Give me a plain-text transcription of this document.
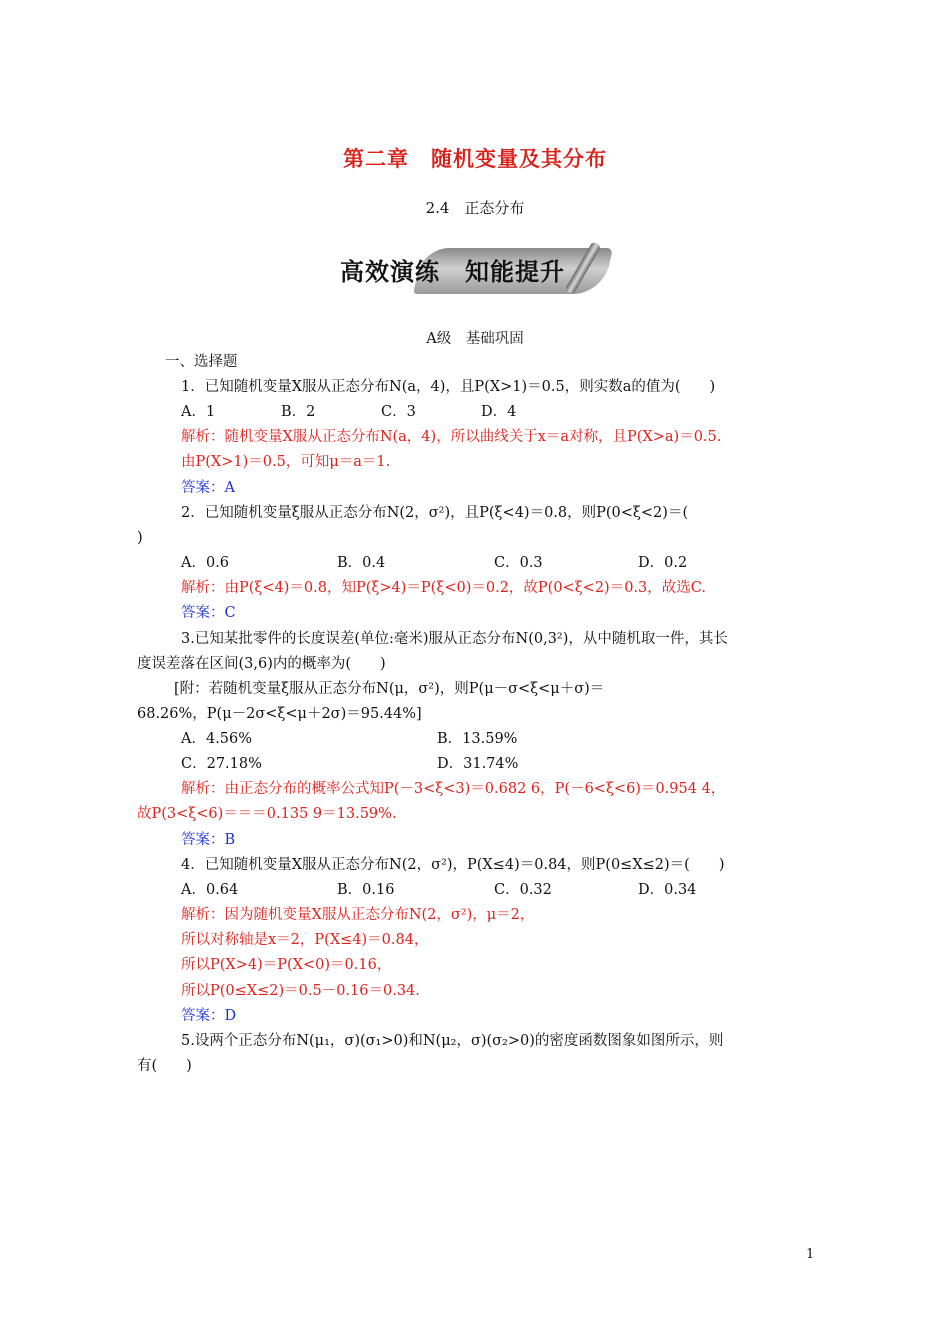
第二章　随机变量及其分布
2.4　正态分布
高效演练　知能提升
A级　基础巩固
一、选择题
1．已知随机变量X服从正态分布N(a，4)，且P(X>1)＝0.5，则实数a的值为(　　)
A．1	B．2	C．3	D．4
解析：随机变量X服从正态分布N(a，4)，所以曲线关于x＝a对称，且P(X>a)＝0.5.
由P(X>1)＝0.5，可知μ＝a＝1.
答案：A
2．已知随机变量ξ服从正态分布N(2，σ²)，且P(ξ<4)＝0.8，则P(0<ξ<2)＝(
)
A．0.6	B．0.4	C．0.3	D．0.2
解析：由P(ξ<4)＝0.8，知P(ξ>4)＝P(ξ<0)＝0.2，故P(0<ξ<2)＝0.3，故选C.
答案：C
3.已知某批零件的长度误差(单位:毫米)服从正态分布N(0,3²)，从中随机取一件，其长
度误差落在区间(3,6)内的概率为(　　)
[附：若随机变量ξ服从正态分布N(μ，σ²)，则P(μ－σ<ξ<μ＋σ)＝
68.26%，P(μ－2σ<ξ<μ＋2σ)＝95.44%]
A．4.56%	B．13.59%
C．27.18%	D．31.74%
解析：由正态分布的概率公式知P(－3<ξ<3)＝0.682 6，P(－6<ξ<6)＝0.954 4，
故P(3<ξ<6)＝＝＝0.135 9＝13.59%.
答案：B
4．已知随机变量X服从正态分布N(2，σ²)，P(X≤4)＝0.84，则P(0≤X≤2)＝(　　)
A．0.64	B．0.16	C．0.32	D．0.34
解析：因为随机变量X服从正态分布N(2，σ²)，μ＝2，
所以对称轴是x＝2，P(X≤4)＝0.84，
所以P(X>4)＝P(X<0)＝0.16，
所以P(0≤X≤2)＝0.5－0.16＝0.34.
答案：D
5.设两个正态分布N(μ₁，σ)(σ₁>0)和N(μ₂，σ)(σ₂>0)的密度函数图象如图所示，则
有(　　)
1
